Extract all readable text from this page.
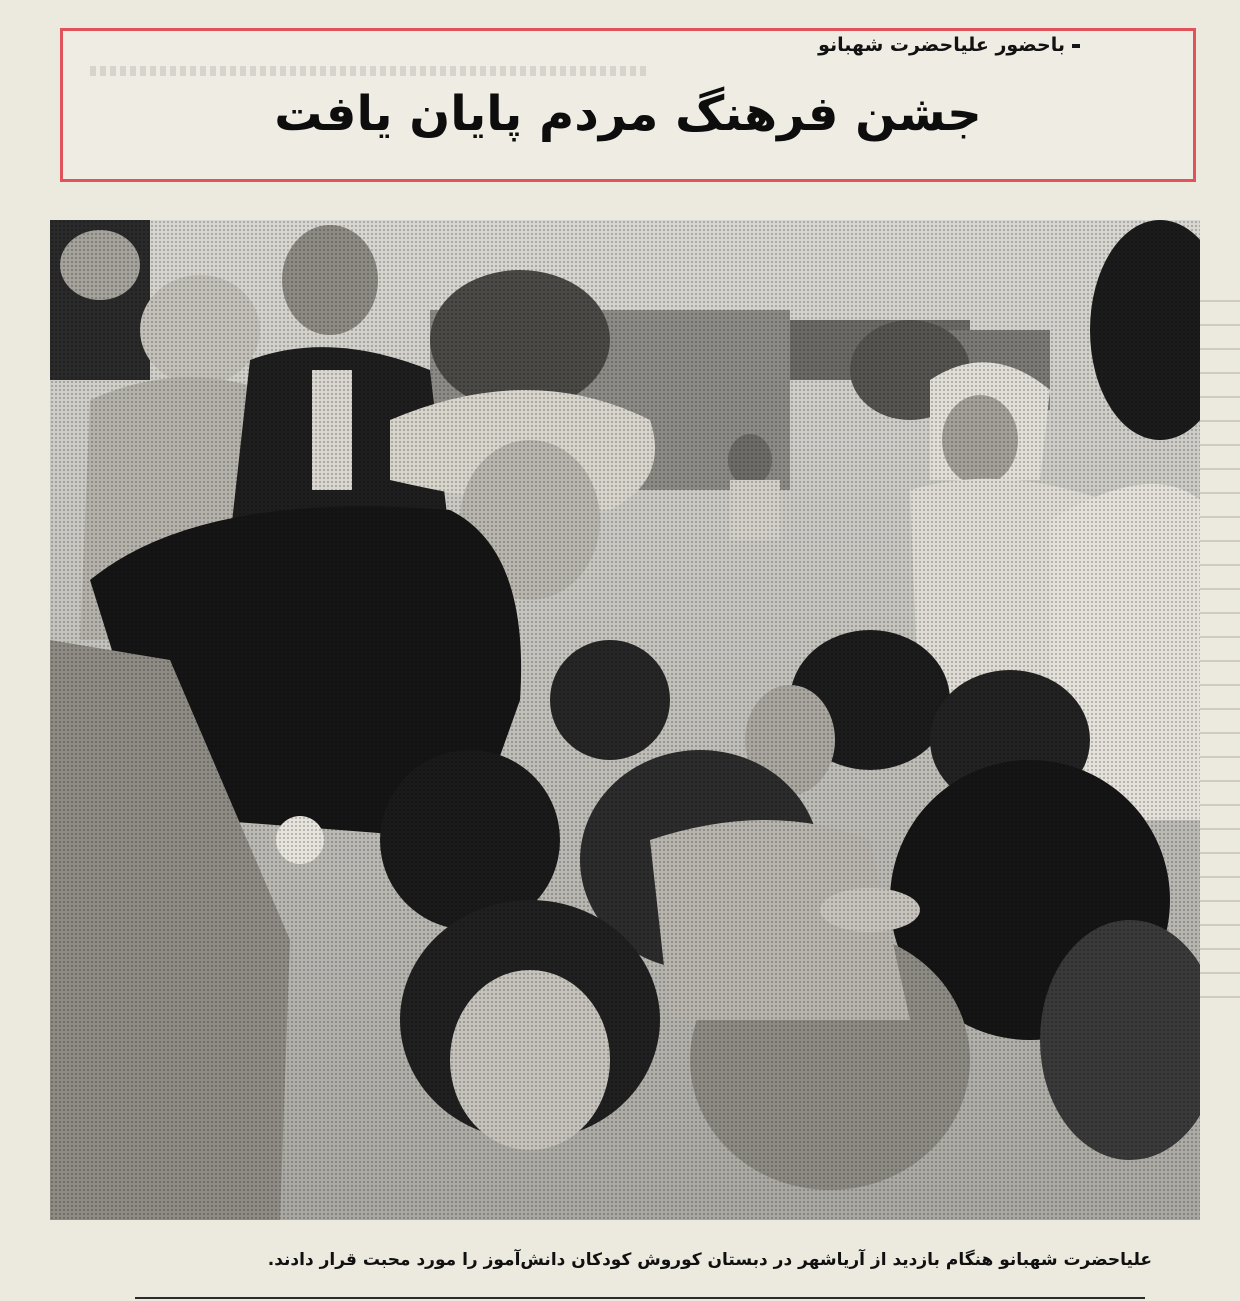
باحضور علیاحضرت شهبانو
جشن فرهنگ مردم پایان یافت
علیاحضرت شهبانو هنگام بازدید از آریاشهر در دبستان کوروش کودکان دانش‌آموز را مورد محبت قرار دادند.
